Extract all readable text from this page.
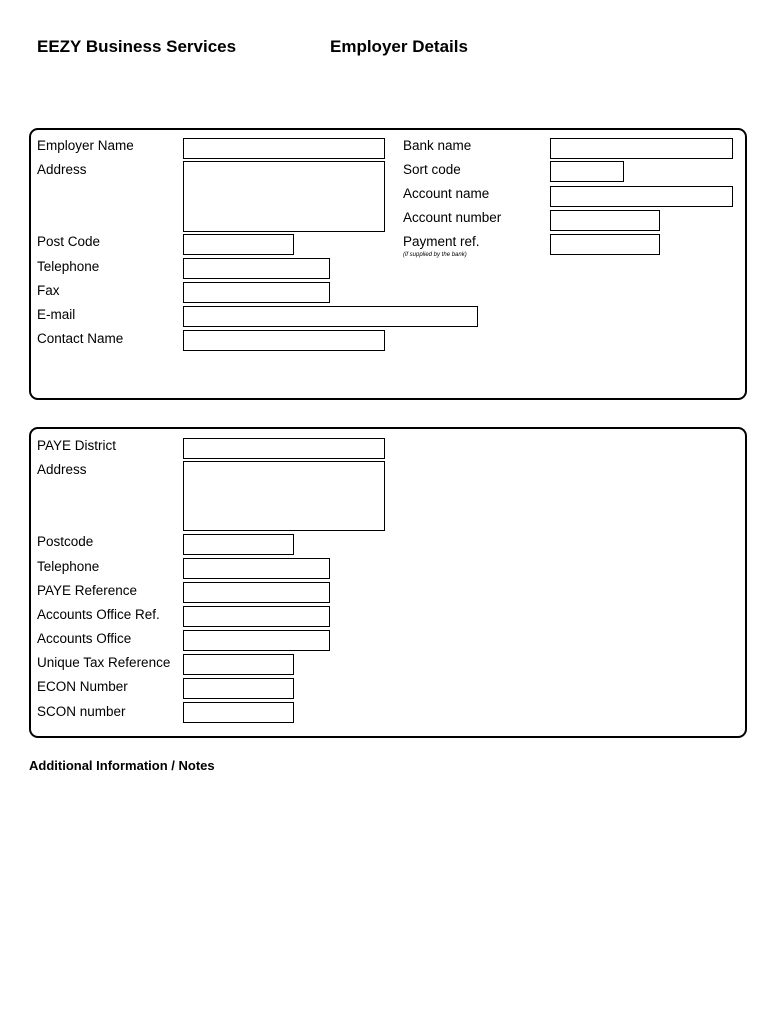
EEZY Business Services	Employer Details
Employer Name
Address
Post Code
Telephone
Fax
E-mail
Contact Name
Bank name
Sort code
Account name
Account number
Payment ref.
(if supplied by the bank)
PAYE District
Address
Postcode
Telephone
PAYE Reference
Accounts Office Ref.
Accounts Office
Unique Tax Reference
ECON Number
SCON number
Additional Information / Notes
